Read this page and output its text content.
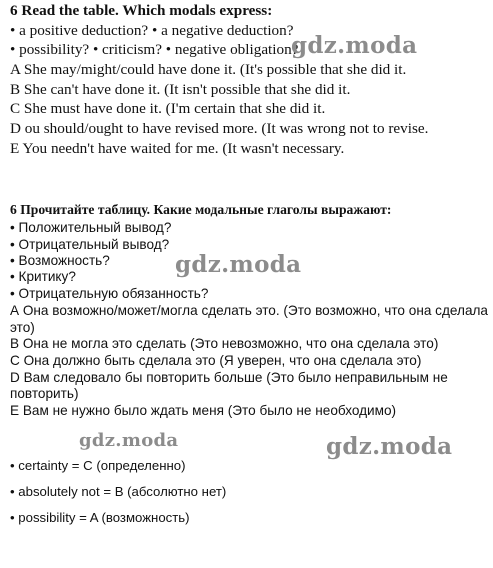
6 Read the table. Which modals express:
• a positive deduction? • a negative deduction?
• possibility? • criticism? • negative obligation?
A She may/might/could have done it. (It's possible that she did it.
B She can't have done it. (It isn't possible that she did it.
C She must have done it. (I'm certain that she did it.
D ou should/ought to have revised more. (It was wrong not to revise.
E You needn't have waited for me. (It wasn't necessary.
6 Прочитайте таблицу. Какие модальные глаголы выражают:
• Положительный вывод?
• Отрицательный вывод?
• Возможность?
• Критику?
• Отрицательную обязанность?
А Она возможно/может/могла сделать это. (Это возможно, что она сделала
это)
В Она не могла это сделать (Это невозможно, что она сделала это)
С Она должно быть сделала это (Я уверен, что она сделала это)
D Вам следовало бы повторить больше (Это было неправильным не
повторить)
Е Вам не нужно было ждать меня (Это было не необходимо)
• certainty = C (определенно)
• absolutely not = B (абсолютно нет)
• possibility = A (возможность)
gdz.moda
gdz.moda
gdz.moda	gdz.moda
